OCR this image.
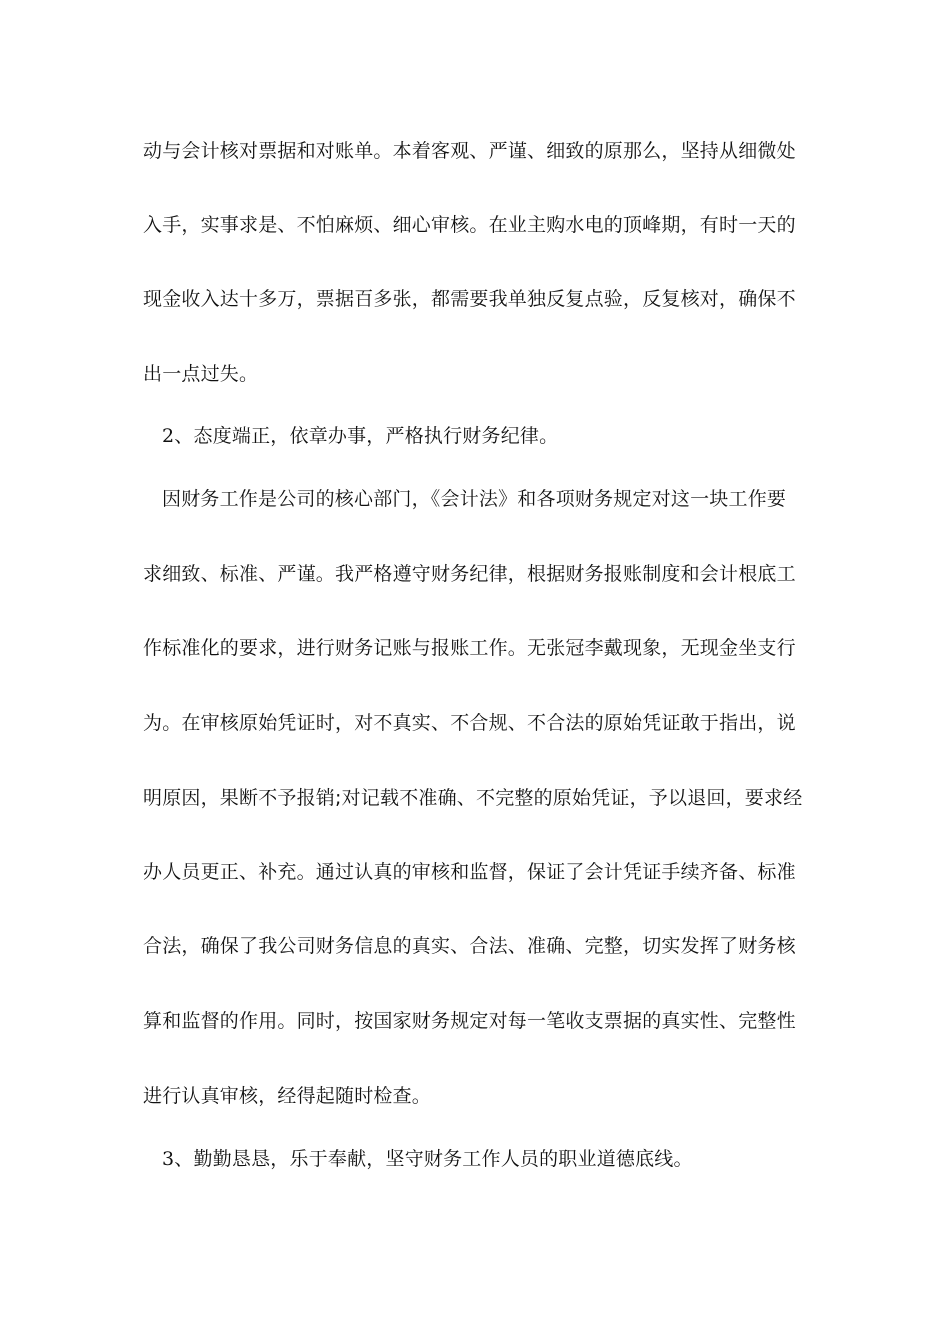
动与会计核对票据和对账单。本着客观、严谨、细致的原那么，坚持从细微处

入手，实事求是、不怕麻烦、细心审核。在业主购水电的顶峰期，有时一天的

现金收入达十多万，票据百多张，都需要我单独反复点验，反复核对，确保不

出一点过失。

2、态度端正，依章办事，严格执行财务纪律。

因财务工作是公司的核心部门，《会计法》和各项财务规定对这一块工作要

求细致、标准、严谨。我严格遵守财务纪律，根据财务报账制度和会计根底工

作标准化的要求，进行财务记账与报账工作。无张冠李戴现象，无现金坐支行

为。在审核原始凭证时，对不真实、不合规、不合法的原始凭证敢于指出，说

明原因，果断不予报销;对记载不准确、不完整的原始凭证，予以退回，要求经

办人员更正、补充。通过认真的审核和监督，保证了会计凭证手续齐备、标准

合法，确保了我公司财务信息的真实、合法、准确、完整，切实发挥了财务核

算和监督的作用。同时，按国家财务规定对每一笔收支票据的真实性、完整性

进行认真审核，经得起随时检查。

3、勤勤恳恳，乐于奉献，坚守财务工作人员的职业道德底线。
